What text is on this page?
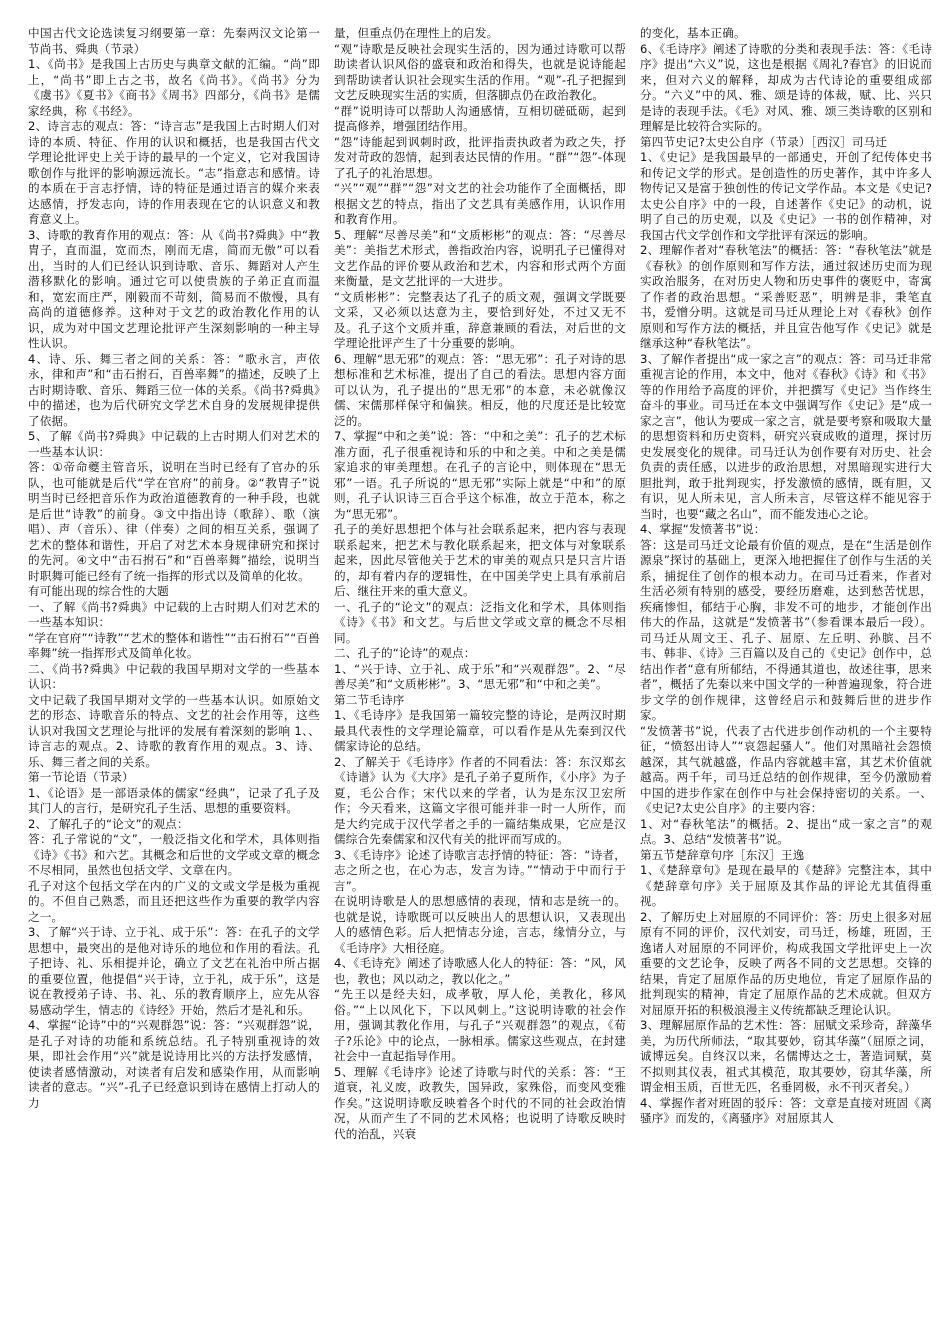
中国古代文论选读复习纲要第一章：先秦两汉文论第一节尚书、舜典（节录）

1、《尚书》是我国上古历史与典章文献的汇编。“尚”即上，“尚书”即上古之书，故名《尚书》。《尚书》分为《虞书》《夏书》《商书》《周书》四部分，《尚书》是儒家经典，称《书经》。

2、诗言志的观点：答：“诗言志”是我国上古时期人们对诗的本质、特征、作用的认识和概括，也是我国古代文学理论批评史上关于诗的最早的一个定义，它对我国诗歌创作与批评的影响源远流长。“志”指意志和感情。诗的本质在于言志抒情，诗的特征是通过语言的媒介来表达感情，抒发志向，诗的作用表现在它的认识意义和教育意义上。

3、诗歌的教育作用的观点：答：从《尚书?舜典》中“教胄子，直而温，宽而杰，刚而无虐，简而无傲”可以看出，当时的人们已经认识到诗歌、音乐、舞蹈对人产生潜移默化的影响。通过它可以使贵族的子弟正直而温和，宽宏而庄严，刚毅而不苛刻，简易而不傲慢，具有高尚的道德修养。这种对于文艺的政治教化作用的认识，成为对中国文艺理论批评产生深刻影响的一种主导性认识。

4、诗、乐、舞三者之间的关系：答：“歌永言，声依永，律和声”和“击石拊石，百兽率舞”的描述，反映了上古时期诗歌、音乐、舞蹈三位一体的关系。《尚书?舜典》中的描述，也为后代研究文学艺术自身的发展规律提供了依据。

5、了解《尚书?舜典》中记载的上古时期人们对艺术的一些基本认识：

答：①帝命夔主管音乐，说明在当时已经有了官办的乐队，也可能就是后代“学在官府”的前身。②“教胄子”说明当时已经把音乐作为政治道德教育的一种手段，也就是后世“诗教”的前身。③文中指出诗（歌辞）、歌（演唱）、声（音乐）、律（伴奏）之间的相互关系，强调了艺术的整体和谐性，开启了对艺术本身规律研究和探讨的先河。④文中“击石拊石”和“百兽率舞”描绘，说明当时职舞可能已经有了统一指挥的形式以及简单的化妆。

有可能出现的综合性的大题

一、了解《尚书?舜典》中记载的上古时期人们对艺术的一些基本知识：

“学在官府”“诗教”“艺术的整体和谐性”“击石拊石”“百兽率舞”统一指挥形式及简单化妆。

二、《尚书?舜典》中记载的我国早期对文学的一些基本认识：

文中记载了我国早期对文学的一些基本认识。如原始文艺的形态、诗歌音乐的特点、文艺的社会作用等，这些认识对我国文艺理论与批评的发展有着深刻的影响 1、、诗言志的观点。2、诗歌的教育作用的观点。3、诗、乐、舞三者之间的关系。

第一节论语（节录）

1、《论语》是一部语录体的儒家“经典”，记录了孔子及其门人的言行，是研究孔子生活、思想的重要资料。

2、了解孔子的“论文”的观点：

答：孔子常说的“文”，一般泛指文化和学术，具体则指《诗》《书》和六艺。其概念和后世的文学或文章的概念不尽相同，虽然也包括文学、文章在内。

孔子对这个包括文学在内的广义的文或文学是极为重视的。不但自己熟悉，而且还把这些作为重要的教学内容之一。

3、了解“兴于诗、立于礼、成于乐”：答：在孔子的文学思想中，最突出的是他对诗乐的地位和作用的看法。孔子把诗、礼、乐相提并论，确立了文艺在礼治中所占据的重要位置，他提倡“兴于诗，立于礼，成于乐”，这是说在教授弟子诗、书、礼、乐的教育顺序上，应先从容易感动学生，情志的《诗经》开始，然后才是礼和乐。

4、掌握“论诗”中的“兴观群怨”说：答：“兴观群怨”说，是孔子对诗的功能和系统总结。孔子特别重视诗的效果，即社会作用“兴”就是说诗用比兴的方法抒发感情，使读者感情激动，对读者有启发和感染作用，从而影响读者的意志。“兴”-孔子已经意识到诗在感情上打动人的力

量，但重点仍在理性上的启发。

“观”诗歌是反映社会现实生活的，因为通过诗歌可以帮助读者认识风俗的盛衰和政治和得失，也就是说诗能起到帮助读者认识社会现实生活的作用。“观”-孔子把握到文艺反映现实生活的实质，但落脚点仍在政治教化。

“群”说明诗可以帮助人沟通感情，互相切磋砥砺，起到提高修养，增强团结作用。

“怨”诗能起到讽刺时政，批评指责执政者为政之失，抒发对苛政的怨情，起到表达民情的作用。“群”“怨”-体现了孔子的礼治思想。

“兴”“观”“群”“怨”对文艺的社会功能作了全面概括，即根据文艺的特点，指出了文艺具有美感作用，认识作用和教育作用。

5、理解“尽善尽美”和“文质彬彬”的观点：答：“尽善尽美”：美指艺术形式，善指政治内容，说明孔子已懂得对文艺作品的评价要从政治和艺术，内容和形式两个方面来衡量，是文艺批评的一大进步。

“文质彬彬”：完整表达了孔子的质文观，强调文学既要文采，又必须以达意为主，要恰到好处，不过又无不及。孔子这个文质并重，辞意兼顾的看法，对后世的文学理论批评产生了十分重要的影响。

6、理解“思无邪”的观点：答：“思无邪”：孔子对诗的思想标准和艺术标准，提出了自己的看法。思想内容方面可以认为，孔子提出的“思无邪”的本意，未必就像汉儒、宋儒那样保守和偏狭。相反，他的尺度还是比较宽泛的。

7、掌握“中和之美”说：答：“中和之美”：孔子的艺术标准方面，孔子很重视诗和乐的中和之美。中和之美是儒家追求的审美理想。在孔子的言论中，则体现在“思无邪”一语。孔子所说的“思无邪”实际上就是“中和”的原则，孔子认识诗三百合乎这个标准，故立于范本，称之为“思无邪”。

孔子的美好思想把个体与社会联系起来，把内容与表现联系起来，把艺术与教化联系起来，把文体与对象联系起来，因此尽管他关于艺术的审美的观点只是只言片语的，却有着内存的逻辑性，在中国美学史上具有承前启后、继往开来的重大意义。

一、孔子的“论文”的观点：泛指文化和学术，具体则指《诗》《书》和文艺。与后世文学或文章的概念不尽相同。

二、孔子的“论诗”的观点：

1、“兴于诗、立于礼、成于乐”和“兴观群怨”。2、“尽善尽美”和“文质彬彬”。3、“思无邪”和“中和之美”。

第二节毛诗序

1、《毛诗序》是我国第一篇较完整的诗论，是两汉时期最具代表性的文学理论篇章，可以看作是从先秦到汉代儒家诗论的总结。

2、了解关于《毛诗序》作者的不同看法：答：东汉郑玄《诗谱》认为《大序》是孔子弟子夏所作，《小序》为子夏，毛公合作；宋代以来的学者，认为是东汉卫宏所作；今天看来，这篇文字很可能并非一时一人所作，而是大约完成于汉代学者之手的一篇结集成果，它应是汉儒综合先秦儒家和汉代有关的批评而写成的。

3、《毛诗序》论述了诗歌言志抒情的特征：答：“诗者，志之所之也，在心为志，发言为诗。”“情动于中而行于言”。

在说明诗歌是人的思想感情的表现，情和志是统一的。也就是说，诗歌既可以反映出人的思想认识，又表现出人的感情色彩。后人把情志分途，言志，缘情分立，与《毛诗序》大相径庭。

4、《毛诗充》阐述了诗歌感人化人的特征：答：“风，风也，教也；风以动之，教以化之。”

“先王以是经夫妇，成孝敬，厚人伦，美教化，移风俗。”“上以风化下，下以风刺上。”这说明诗歌的社会作用，强调其教化作用，与孔子“兴观群怨”的观点，《荀子?乐论》中的论点，一脉相承。儒家这些观点，在封建社会中一直起指导作用。

5、理解《毛诗序》论述了诗歌与时代的关系：答：“王道衰，礼义废，政教失，国异政，家殊俗，而变风变雅作矣。”这说明诗歌反映着各个时代的不同的社会政治情况，从而产生了不同的艺术风格；也说明了诗歌反映时代的治乱，兴衰

的变化，基本正确。

6、《毛诗序》阐述了诗歌的分类和表现手法：答：《毛诗序》提出“六义”说，这也是根据《周礼?春官》的旧说而来，但对六义的解释，却成为古代诗论的重要组成部分。“六义”中的风、雅、颂是诗的体裁，赋、比、兴只是诗的表现手法。《毛》对风、雅、颂三类诗歌的区别和理解是比较符合实际的。

第四节史记?太史公自序（节录）［西汉］司马迁

1、《史记》是我国最早的一部通史，开创了纪传体史书和传记文学的形式。是创造性的历史著作，其中许多人物传记又是富于独创性的传记文学作品。本文是《史记?太史公自序》中的一段，自述著作《史记》的动机，说明了自己的历史观，以及《史记》一书的创作精神，对我国古代文学创作和文学批评有深远的影响。

2、理解作者对“春秋笔法”的概括：答：“春秋笔法”就是《春秋》的创作原则和写作方法，通过叙述历史而为现实政治服务，在对历史人物和历史事件的褒贬中，寄寓了作者的政治思想。“采善贬恶”，明辨是非，秉笔直书，爱憎分明。这就是司马迁从理论上对《春秋》创作原则和写作方法的概括，并且宣告他写作《史记》就是继承这种“春秋笔法”。

3、了解作者提出“成一家之言”的观点：答：司马迁非常重视言论的作用，本文中，他对《春秋》《诗》和《书》等的作用给予高度的评价，并把撰写《史记》当作终生奋斗的事业。司马迁在本文中强调写作《史记》是“成一家之言”，他认为要成一家之言，就是要考察和吸取大量的思想资料和历史资料，研究兴衰成败的道理，探讨历史发展变化的规律。司马迁认为创作要有对历史、社会负责的责任感，以进步的政治思想，对黑暗现实进行大胆批判，敢于批判现实，抒发激愤的感情，既有胆，又有识，见人所未见，言人所未言，尽管这样不能见容于当时，也要“藏之名山”，而不能发违心之论。

4、掌握“发愤著书”说：

答：这是司马迁文论最有价值的观点，是在“生活是创作源泉”探讨的基础上，更深入地把握住了创作与生活的关系，捕捉住了创作的根本动力。在司马迁看来，作者对生活必须有特别的感受，要经历磨难，达到愁苦忧思，疾痛惨怛，郁结于心胸，非发不可的地步，才能创作出伟大的作品，这就是“发愤著书”（参看课本最后一段）。司马迁从周文王、孔子、屈原、左丘明、孙膑、吕不韦、韩非、《诗》三百篇以及自己的《史记》创作中，总结出作者“意有所郁结，不得通其道也，故述往事，思来者”，概括了先秦以来中国文学的一种普遍现象，符合进步文学的创作规律，这曾经启示和鼓舞后世的进步作家。

“发愤著书”说，代表了古代进步创作动机的一个主要特征，“愤怒出诗人”“哀怨起骚人”。他们对黑暗社会怨愤越深，其气就越盛，作品内容就越丰富，其艺术价值就越高。两千年，司马迁总结的创作规律，至今仍激励着中国的进步作家在创作中与社会保持密切的关系。一、《史记?太史公自序》的主要内容：

1、对“春秋笔法”的概括。2、提出“成一家之言”的观点。3、总结“发愤著书”说。

第五节楚辞章句序［东汉］王逸

1、《楚辞章句》是现在最早的《楚辞》完整注本，其中《楚辞章句序》关于屈原及其作品的评论尤其值得重视。

2、了解历史上对屈原的不同评价：答：历史上很多对屈原有不同的评价，汉代刘安，司马迁，杨雄，班固，王逸诸人对屈原的不同评价，构成我国文学批评史上一次重要的文艺论争，反映了两各不同的文艺思想。交锋的结果，肯定了屈原作品的历史地位，肯定了屈原作品的批判现实的精神，肯定了屈原作品的艺术成就。但双方对屈原开拓的积极浪漫主义传统都缺乏理论认识。

3、理解屈原作品的艺术性：答：屈赋文采珍奇，辞藻华美，为历代所师法，“取其要妙，窃其华藻”（屈原之词，诚博远矣。自终汉以来，名儒博达之士，著造词赋，莫不拟则其仪表，祖式其模范，取其要妙，窃其华藻，所谓金相玉质，百世无匹，名垂罔极，永不刊灭者矣。）

4、掌握作者对班固的驳斥：答：文章是直接对班固《离骚序》而发的，《离骚序》对屈原其人
